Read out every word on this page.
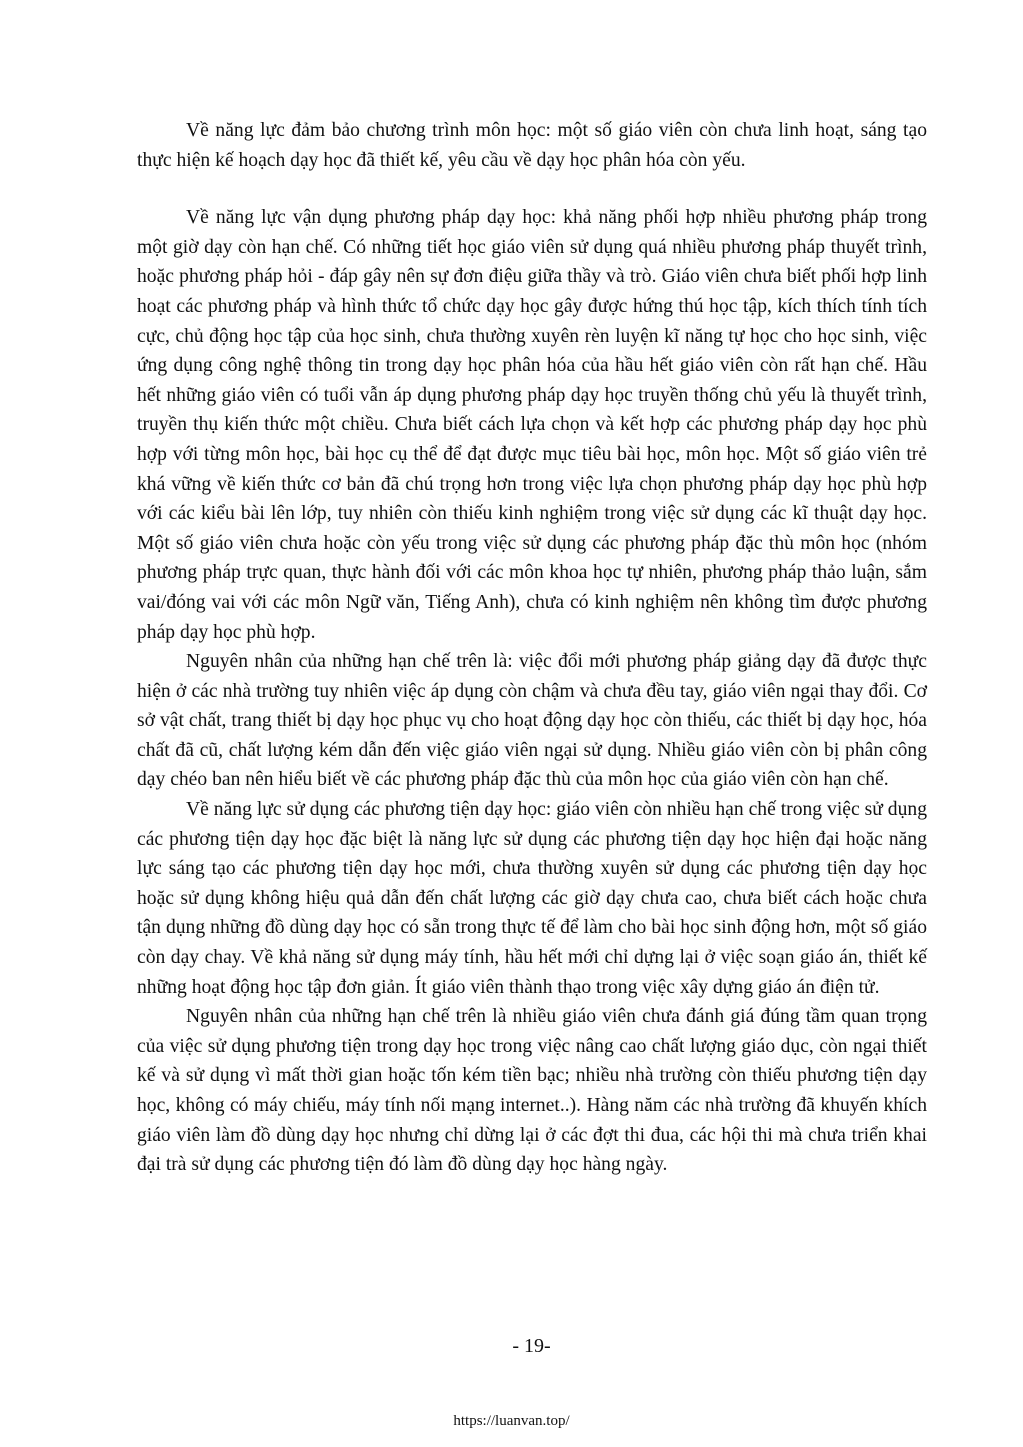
Về năng lực đảm bảo chương trình môn học: một số giáo viên còn chưa linh hoạt, sáng tạo thực hiện kế hoạch dạy học đã thiết kế, yêu cầu về dạy học phân hóa còn yếu.

Về năng lực vận dụng phương pháp dạy học: khả năng phối hợp nhiều phương pháp trong một giờ dạy còn hạn chế. Có những tiết học giáo viên sử dụng quá nhiều phương pháp thuyết trình, hoặc phương pháp hỏi - đáp gây nên sự đơn điệu giữa thầy và trò. Giáo viên chưa biết phối hợp linh hoạt các phương pháp và hình thức tổ chức dạy học gây được hứng thú học tập, kích thích tính tích cực, chủ động học tập của học sinh, chưa thường xuyên rèn luyện kĩ năng tự học cho học sinh, việc ứng dụng công nghệ thông tin trong dạy học phân hóa của hầu hết giáo viên còn rất hạn chế. Hầu hết những giáo viên có tuổi vẫn áp dụng phương pháp dạy học truyền thống chủ yếu là thuyết trình, truyền thụ kiến thức một chiều. Chưa biết cách lựa chọn và kết hợp các phương pháp dạy học phù hợp với từng môn học, bài học cụ thể để đạt được mục tiêu bài học, môn học. Một số giáo viên trẻ khá vững về kiến thức cơ bản đã chú trọng hơn trong việc lựa chọn phương pháp dạy học phù hợp với các kiểu bài lên lớp, tuy nhiên còn thiếu kinh nghiệm trong việc sử dụng các kĩ thuật dạy học. Một số giáo viên chưa hoặc còn yếu trong việc sử dụng các phương pháp đặc thù môn học (nhóm phương pháp trực quan, thực hành đối với các môn khoa học tự nhiên, phương pháp thảo luận, sắm vai/đóng vai với các môn Ngữ văn, Tiếng Anh), chưa có kinh nghiệm nên không tìm được phương pháp dạy học phù hợp.

Nguyên nhân của những hạn chế trên là: việc đổi mới phương pháp giảng dạy đã được thực hiện ở các nhà trường tuy nhiên việc áp dụng còn chậm và chưa đều tay, giáo viên ngại thay đổi. Cơ sở vật chất, trang thiết bị dạy học phục vụ cho hoạt động dạy học còn thiếu, các thiết bị dạy học, hóa chất đã cũ, chất lượng kém dẫn đến việc giáo viên ngại sử dụng. Nhiều giáo viên còn bị phân công dạy chéo ban nên hiểu biết về các phương pháp đặc thù của môn học của giáo viên còn hạn chế.

Về năng lực sử dụng các phương tiện dạy học: giáo viên còn nhiều hạn chế trong việc sử dụng các phương tiện dạy học đặc biệt là năng lực sử dụng các phương tiện dạy học hiện đại hoặc năng lực sáng tạo các phương tiện dạy học mới, chưa thường xuyên sử dụng các phương tiện dạy học hoặc sử dụng không hiệu quả dẫn đến chất lượng các giờ dạy chưa cao, chưa biết cách hoặc chưa tận dụng những đồ dùng dạy học có sẵn trong thực tế để làm cho bài học sinh động hơn, một số giáo còn dạy chay. Về khả năng sử dụng máy tính, hầu hết mới chỉ dựng lại ở việc soạn giáo án, thiết kế những hoạt động học tập đơn giản. Ít giáo viên thành thạo trong việc xây dựng giáo án điện tử.

Nguyên nhân của những hạn chế trên là nhiều giáo viên chưa đánh giá đúng tầm quan trọng của việc sử dụng phương tiện trong dạy học trong việc nâng cao chất lượng giáo dục, còn ngại thiết kế và sử dụng vì mất thời gian hoặc tốn kém tiền bạc; nhiều nhà trường còn thiếu phương tiện dạy học, không có máy chiếu, máy tính nối mạng internet..). Hàng năm các nhà trường đã khuyến khích giáo viên làm đồ dùng dạy học nhưng chỉ dừng lại ở các đợt thi đua, các hội thi mà chưa triển khai đại trà sử dụng các phương tiện đó làm đồ dùng dạy học hàng ngày.

- 19-

https://luanvan.top/
